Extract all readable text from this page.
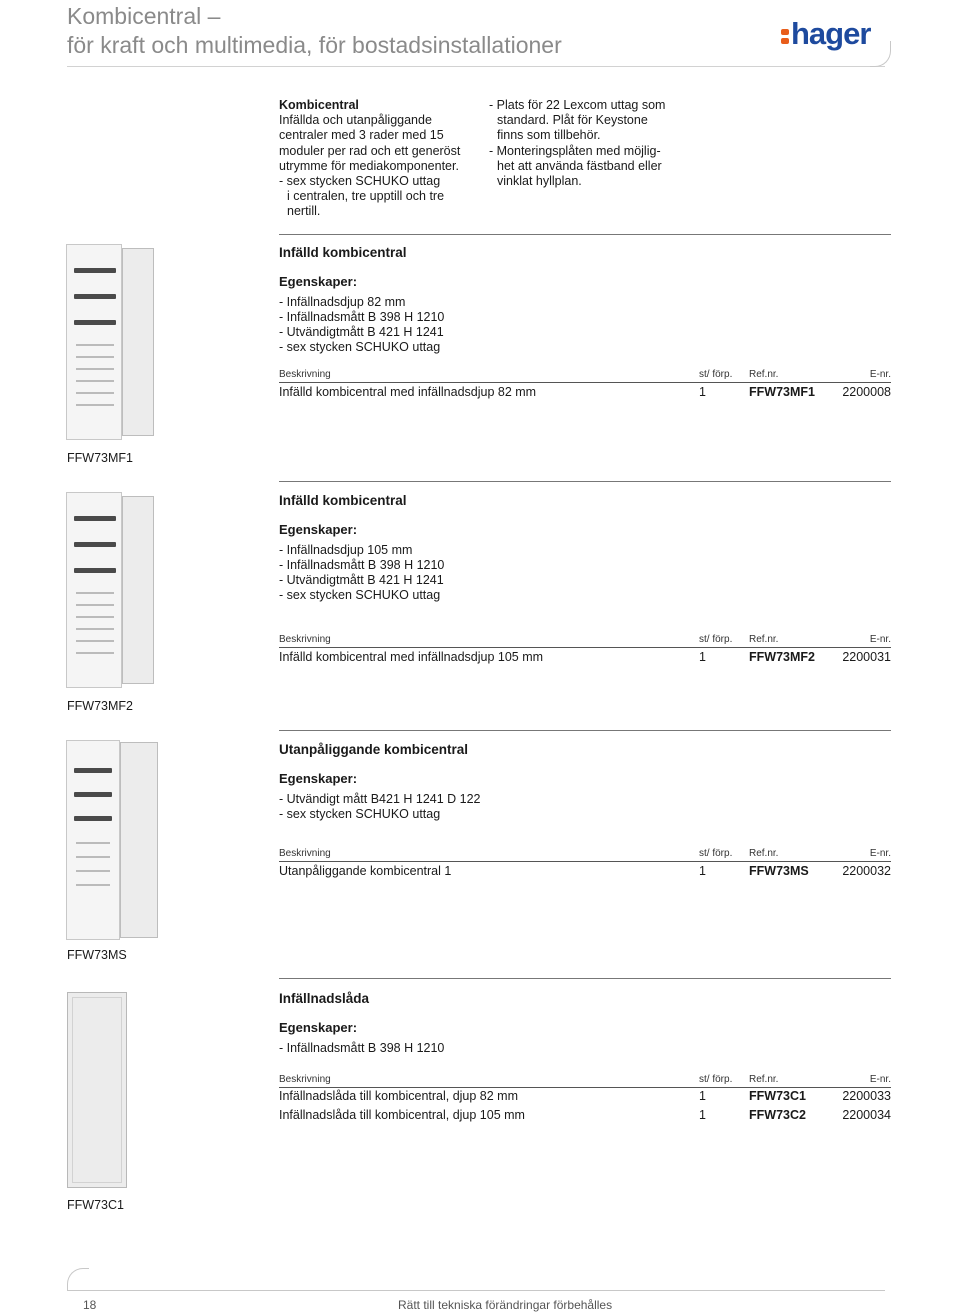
Kombicentral –
för kraft och multimedia, för bostadsinstallationer	hager
Kombicentral
Infällda och utanpåliggande
centraler med 3 rader med 15
moduler per rad och ett generöst
utrymme för mediakomponenter.
- sex stycken SCHUKO uttag
i centralen, tre upptill och tre
nertill.
- Plats för 22 Lexcom uttag som
standard. Plåt för Keystone
finns som tillbehör.
- Monteringsplåten med möjlig-
het att använda fästband eller
vinklat hyllplan.
Infälld kombicentral
Egenskaper:
- Infällnadsdjup 82 mm
- Infällnadsmått B 398 H 1210
- Utvändigtmått B 421 H 1241
- sex stycken SCHUKO uttag
Beskrivning	st/ förp. Ref.nr.	E-nr.
Infälld kombicentral med infällnadsdjup 82 mm	1	FFW73MF1 2200008
FFW73MF1
Infälld kombicentral
Egenskaper:
- Infällnadsdjup 105 mm
- Infällnadsmått B 398 H 1210
- Utvändigtmått B 421 H 1241
- sex stycken SCHUKO uttag
Beskrivning	st/ förp. Ref.nr.	E-nr.
Infälld kombicentral med infällnadsdjup 105 mm	1	FFW73MF2 2200031
FFW73MF2
Utanpåliggande kombicentral
Egenskaper:
- Utvändigt mått B421 H 1241 D 122
- sex stycken SCHUKO uttag
Beskrivning	st/ förp. Ref.nr.	E-nr.
Utanpåliggande kombicentral 1	1	FFW73MS	2200032
FFW73MS
Infällnadslåda
Egenskaper:
- Infällnadsmått B 398 H 1210
Beskrivning	st/ förp. Ref.nr.	E-nr.
Infällnadslåda till kombicentral, djup 82 mm	1	FFW73C1	2200033
Infällnadslåda till kombicentral, djup 105 mm	1	FFW73C2	2200034
FFW73C1
18	Rätt till tekniska förändringar förbehålles
